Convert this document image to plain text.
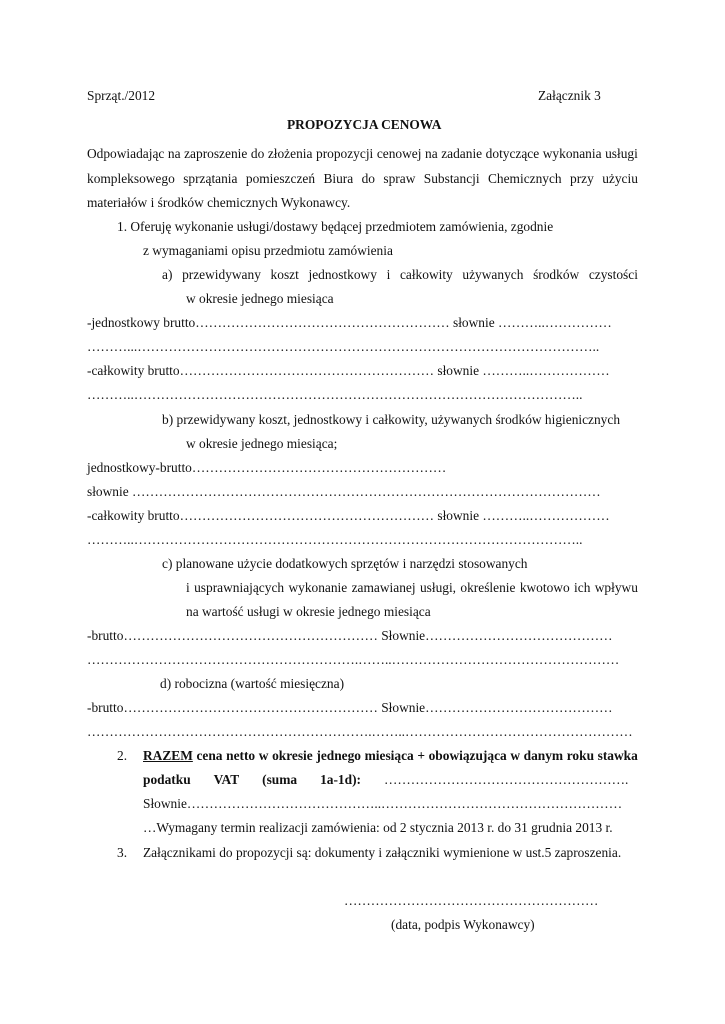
Sprząt./2012	Załącznik 3
PROPOZYCJA CENOWA
Odpowiadając na zaproszenie do złożenia propozycji cenowej na zadanie dotyczące wykonania usługi
kompleksowego sprzątania pomieszczeń Biura do spraw Substancji Chemicznych przy użyciu
materiałów i środków chemicznych Wykonawcy.
1. Oferuję wykonanie usługi/dostawy będącej przedmiotem zamówienia, zgodnie
z wymaganiami opisu przedmiotu zamówienia
a) przewidywany koszt jednostkowy i całkowity używanych środków czystości
w okresie jednego miesiąca
-jednostkowy brutto………………………………………………… słownie ………..……………
………...…………………………………………………………………………………………..
-całkowity brutto………………………………………………… słownie ………..………………
………..………………………………………………………………………………………..
b) przewidywany koszt, jednostkowy i całkowity, używanych środków higienicznych
w okresie jednego miesiąca;
jednostkowy-brutto…………………………………………………
słownie ……………………………………………………………………………………………
-całkowity brutto………………………………………………… słownie ………..………………
………..………………………………………………………………………………………..
c) planowane użycie dodatkowych sprzętów i narzędzi stosowanych
i usprawniających wykonanie zamawianej usługi, określenie kwotowo ich wpływu
na wartość usługi w okresie jednego miesiąca
-brutto………………………………………………… Słownie……………………………………
…………………………………………………….……..……………………………………………
d) robocizna (wartość miesięczna)
-brutto………………………………………………… Słownie……………………………………
……………………………………………………….……..……………………………………………
2. RAZEM cena netto w okresie jednego miesiąca + obowiązująca w danym roku stawka
podatku VAT (suma 1a-1d): ……………………………………………….
Słownie……………………………………..………………………………………………
…Wymagany termin realizacji zamówienia: od 2 stycznia 2013 r. do 31 grudnia 2013 r.
3. Załącznikami do propozycji są: dokumenty i załączniki wymienione w ust.5 zaproszenia.
…………………………………………………
(data, podpis Wykonawcy)
